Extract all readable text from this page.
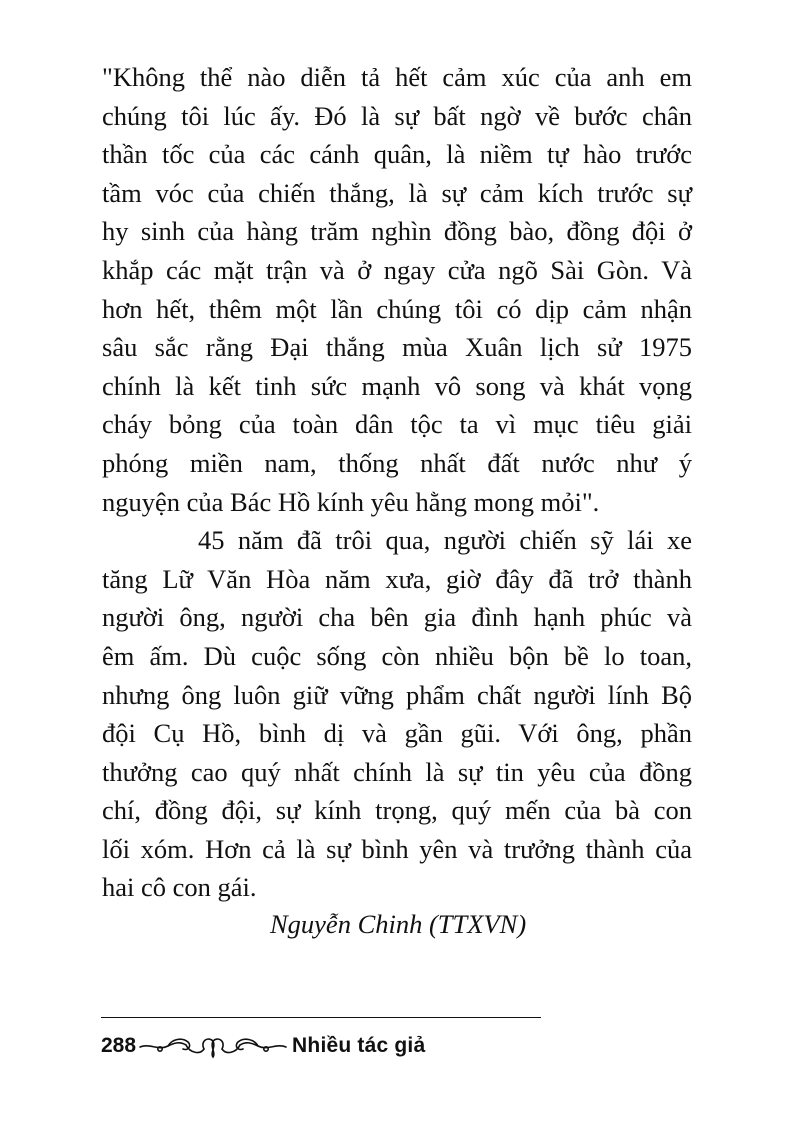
"Không thể nào diễn tả hết cảm xúc của anh em
chúng tôi lúc ấy. Đó là sự bất ngờ về bước chân
thần tốc của các cánh quân, là niềm tự hào trước
tầm vóc của chiến thắng, là sự cảm kích trước sự
hy sinh của hàng trăm nghìn đồng bào, đồng đội ở
khắp các mặt trận và ở ngay cửa ngõ Sài Gòn. Và
hơn hết, thêm một lần chúng tôi có dịp cảm nhận
sâu sắc rằng Đại thắng mùa Xuân lịch sử 1975
chính là kết tinh sức mạnh vô song và khát vọng
cháy bỏng của toàn dân tộc ta vì mục tiêu giải
phóng miền nam, thống nhất đất nước như ý
nguyện của Bác Hồ kính yêu hằng mong mỏi".
45 năm đã trôi qua, người chiến sỹ lái xe
tăng Lữ Văn Hòa năm xưa, giờ đây đã trở thành
người ông, người cha bên gia đình hạnh phúc và
êm ấm. Dù cuộc sống còn nhiều bộn bề lo toan,
nhưng ông luôn giữ vững phẩm chất người lính Bộ
đội Cụ Hồ, bình dị và gần gũi. Với ông, phần
thưởng cao quý nhất chính là sự tin yêu của đồng
chí, đồng đội, sự kính trọng, quý mến của bà con
lối xóm. Hơn cả là sự bình yên và trưởng thành của
hai cô con gái.
Nguyễn Chinh (TTXVN)
288	Nhiều tác giả
